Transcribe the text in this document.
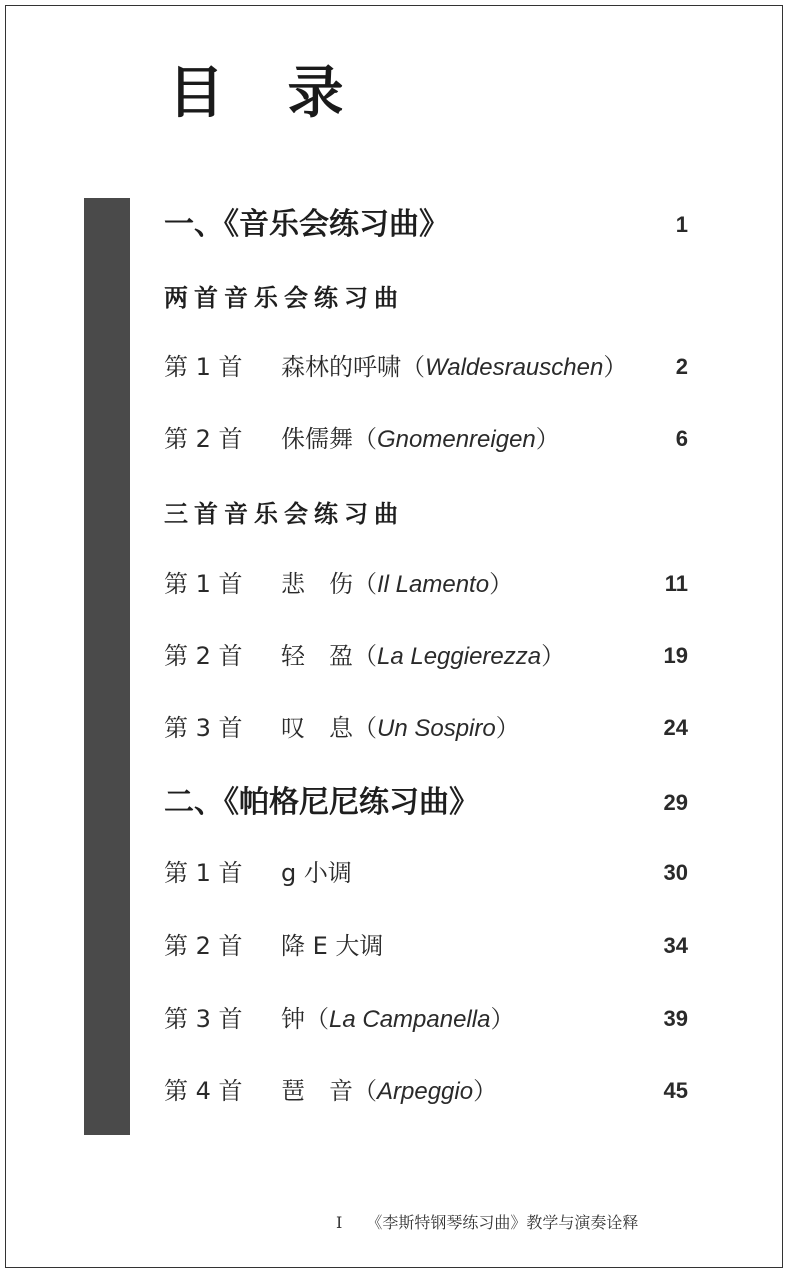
目 录
一、《音乐会练习曲》	1
两首音乐会练习曲
第 1 首 森林的呼啸（Waldesrauschen） 2
第 2 首 侏儒舞（Gnomenreigen）	6
三首音乐会练习曲
第 1 首 悲　伤（Il Lamento）	11
第 2 首 轻　盈（La Leggierezza）	19
第 3 首 叹　息（Un Sospiro）	24
二、《帕格尼尼练习曲》	29
第 1 首 g 小调	30
第 2 首 降 E 大调	34
第 3 首 钟（La Campanella）	39
第 4 首 琶　音（Arpeggio）	45
I 《李斯特钢琴练习曲》教学与演奏诠释
